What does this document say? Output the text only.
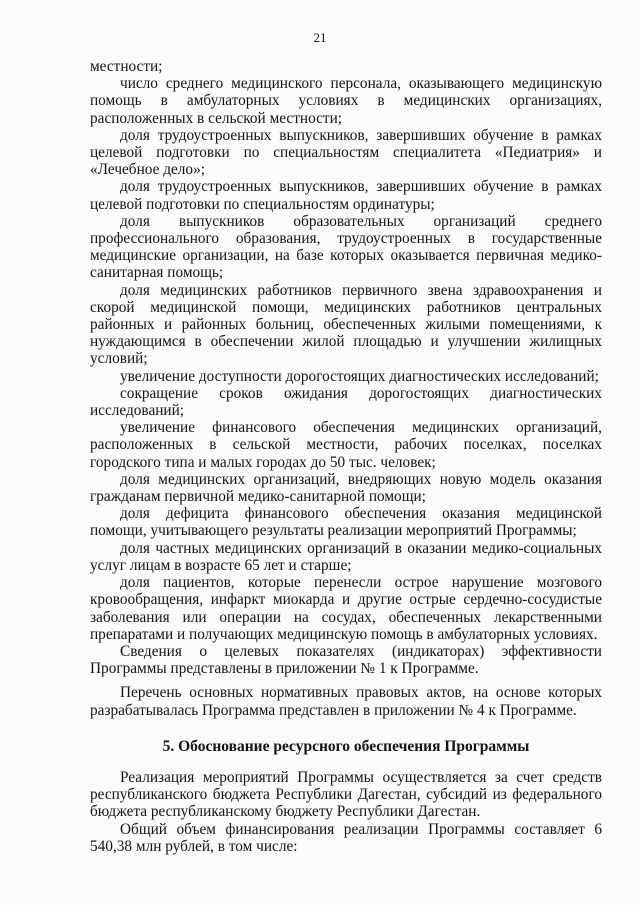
21

местности;

число среднего медицинского персонала, оказывающего медицинскую помощь в амбулаторных условиях в медицинских организациях, расположенных в сельской местности;

доля трудоустроенных выпускников, завершивших обучение в рамках целевой подготовки по специальностям специалитета «Педиатрия» и «Лечебное дело»;

доля трудоустроенных выпускников, завершивших обучение в рамках целевой подготовки по специальностям ординатуры;

доля выпускников образовательных организаций среднего профессионального образования, трудоустроенных в государственные медицинские организации, на базе которых оказывается первичная медико-санитарная помощь;

доля медицинских работников первичного звена здравоохранения и скорой медицинской помощи, медицинских работников центральных районных и районных больниц, обеспеченных жилыми помещениями, к нуждающимся в обеспечении жилой площадью и улучшении жилищных условий;

увеличение доступности дорогостоящих диагностических исследований;

сокращение сроков ожидания дорогостоящих диагностических исследований;

увеличение финансового обеспечения медицинских организаций, расположенных в сельской местности, рабочих поселках, поселках городского типа и малых городах до 50 тыс. человек;

доля медицинских организаций, внедряющих новую модель оказания гражданам первичной медико-санитарной помощи;

доля дефицита финансового обеспечения оказания медицинской помощи, учитывающего результаты реализации мероприятий Программы;

доля частных медицинских организаций в оказании медико-социальных услуг лицам в возрасте 65 лет и старше;

доля пациентов, которые перенесли острое нарушение мозгового кровообращения, инфаркт миокарда и другие острые сердечно-сосудистые заболевания или операции на сосудах, обеспеченных лекарственными препаратами и получающих медицинскую помощь в амбулаторных условиях.

Сведения о целевых показателях (индикаторах) эффективности Программы представлены в приложении № 1 к Программе.

Перечень основных нормативных правовых актов, на основе которых разрабатывалась Программа представлен в приложении № 4 к Программе.

5. Обоснование ресурсного обеспечения Программы

Реализация мероприятий Программы осуществляется за счет средств республиканского бюджета Республики Дагестан, субсидий из федерального бюджета республиканскому бюджету Республики Дагестан.

Общий объем финансирования реализации Программы составляет 6 540,38 млн рублей, в том числе:
